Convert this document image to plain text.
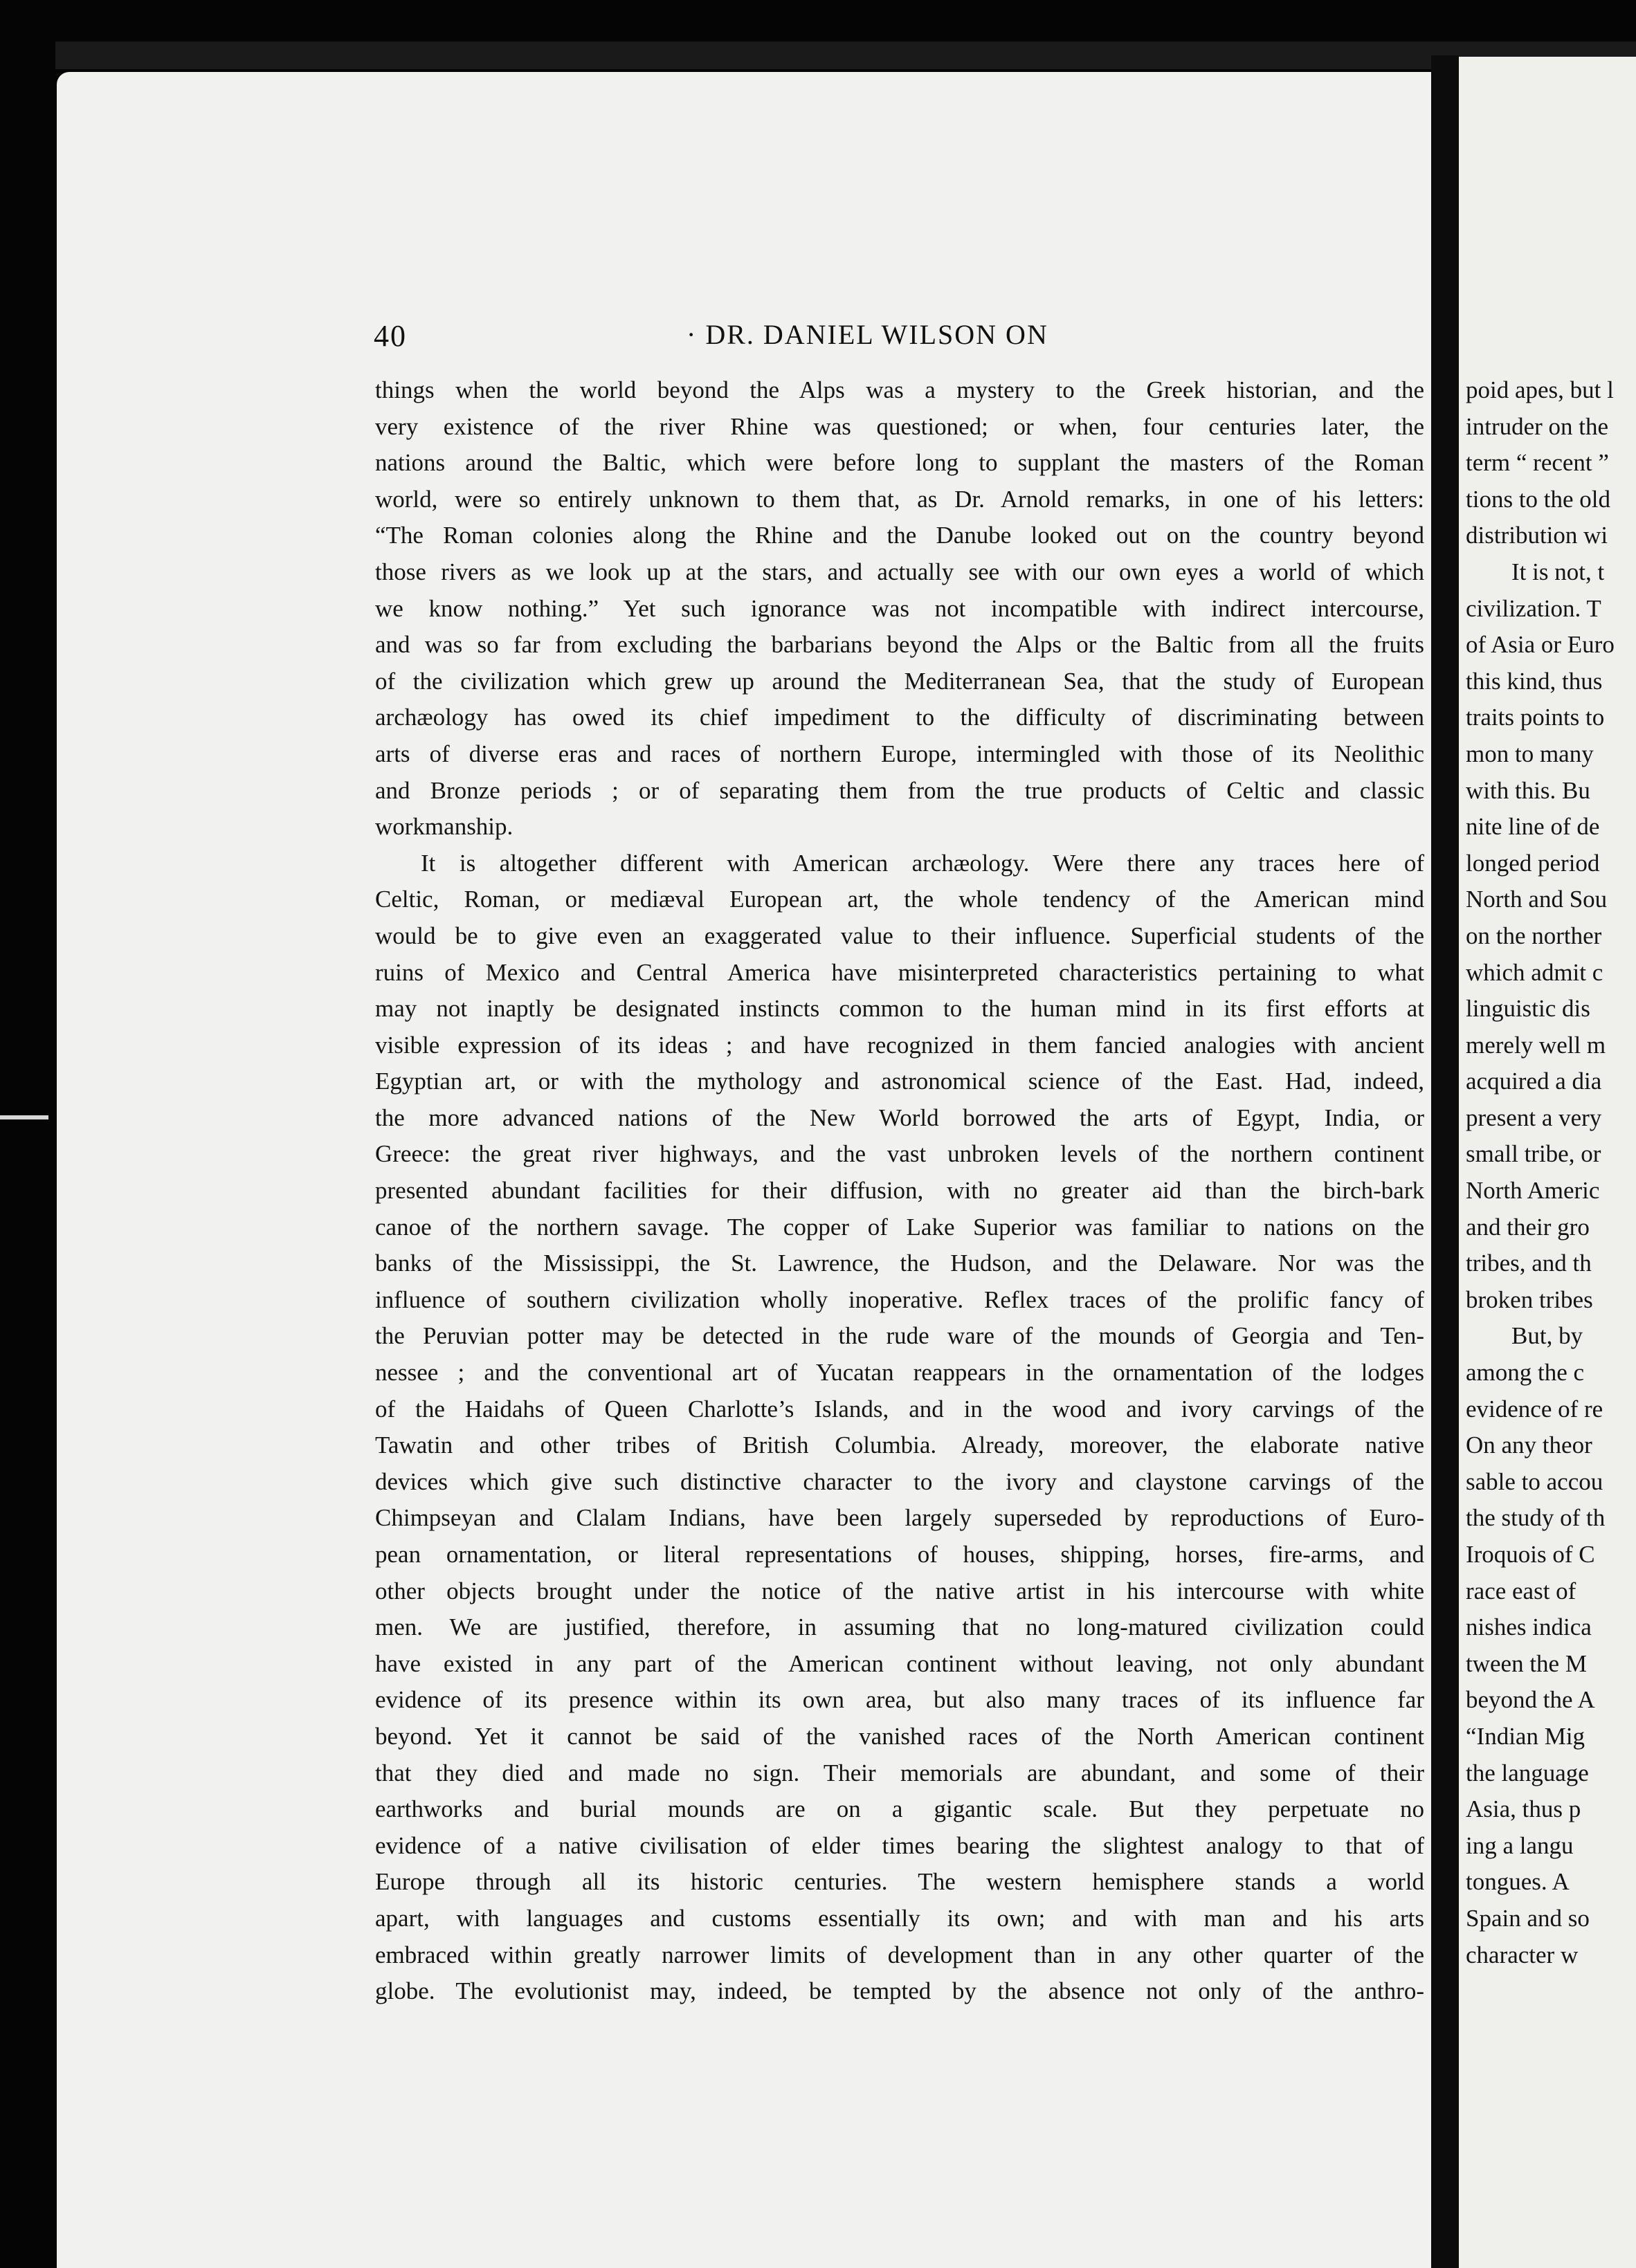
40	· DR. DANIEL WILSON ON
things when the world beyond the Alps was a mystery to the Greek historian, and the
very existence of the river Rhine was questioned; or when, four centuries later, the
nations around the Baltic, which were before long to supplant the masters of the Roman
world, were so entirely unknown to them that, as Dr. Arnold remarks, in one of his letters:
“The Roman colonies along the Rhine and the Danube looked out on the country beyond
those rivers as we look up at the stars, and actually see with our own eyes a world of which
we know nothing.” Yet such ignorance was not incompatible with indirect intercourse,
and was so far from excluding the barbarians beyond the Alps or the Baltic from all the fruits
of the civilization which grew up around the Mediterranean Sea, that the study of European
archæology has owed its chief impediment to the difficulty of discriminating between
arts of diverse eras and races of northern Europe, intermingled with those of its Neolithic
and Bronze periods ; or of separating them from the true products of Celtic and classic
workmanship.
It is altogether different with American archæology. Were there any traces here of
Celtic, Roman, or mediæval European art, the whole tendency of the American mind
would be to give even an exaggerated value to their influence. Superficial students of the
ruins of Mexico and Central America have misinterpreted characteristics pertaining to what
may not inaptly be designated instincts common to the human mind in its first efforts at
visible expression of its ideas ; and have recognized in them fancied analogies with ancient
Egyptian art, or with the mythology and astronomical science of the East. Had, indeed,
the more advanced nations of the New World borrowed the arts of Egypt, India, or
Greece: the great river highways, and the vast unbroken levels of the northern continent
presented abundant facilities for their diffusion, with no greater aid than the birch-bark
canoe of the northern savage. The copper of Lake Superior was familiar to nations on the
banks of the Mississippi, the St. Lawrence, the Hudson, and the Delaware. Nor was the
influence of southern civilization wholly inoperative. Reflex traces of the prolific fancy of
the Peruvian potter may be detected in the rude ware of the mounds of Georgia and Ten-
nessee ; and the conventional art of Yucatan reappears in the ornamentation of the lodges
of the Haidahs of Queen Charlotte’s Islands, and in the wood and ivory carvings of the
Tawatin and other tribes of British Columbia. Already, moreover, the elaborate native
devices which give such distinctive character to the ivory and claystone carvings of the
Chimpseyan and Clalam Indians, have been largely superseded by reproductions of Euro-
pean ornamentation, or literal representations of houses, shipping, horses, fire-arms, and
other objects brought under the notice of the native artist in his intercourse with white
men. We are justified, therefore, in assuming that no long-matured civilization could
have existed in any part of the American continent without leaving, not only abundant
evidence of its presence within its own area, but also many traces of its influence far
beyond. Yet it cannot be said of the vanished races of the North American continent
that they died and made no sign. Their memorials are abundant, and some of their
earthworks and burial mounds are on a gigantic scale. But they perpetuate no
evidence of a native civilisation of elder times bearing the slightest analogy to that of
Europe through all its historic centuries. The western hemisphere stands a world
apart, with languages and customs essentially its own; and with man and his arts
embraced within greatly narrower limits of development than in any other quarter of the
globe. The evolutionist may, indeed, be tempted by the absence not only of the anthro-
poid apes, but l
intruder on the
term “ recent ”
tions to the old
distribution wi
It is not, t
civilization. T
of Asia or Euro
this kind, thus
traits points to
mon to many
with this. Bu
nite line of de
longed period
North and Sou
on the norther
which admit c
linguistic dis
merely well m
acquired a dia
present a very
small tribe, or
North Americ
and their gro
tribes, and th
broken tribes
But, by
among the c
evidence of re
On any theor
sable to accou
the study of th
Iroquois of C
race east of
nishes indica
tween the M
beyond the A
“Indian Mig
the language
Asia, thus p
ing a langu
tongues. A
Spain and so
character w
